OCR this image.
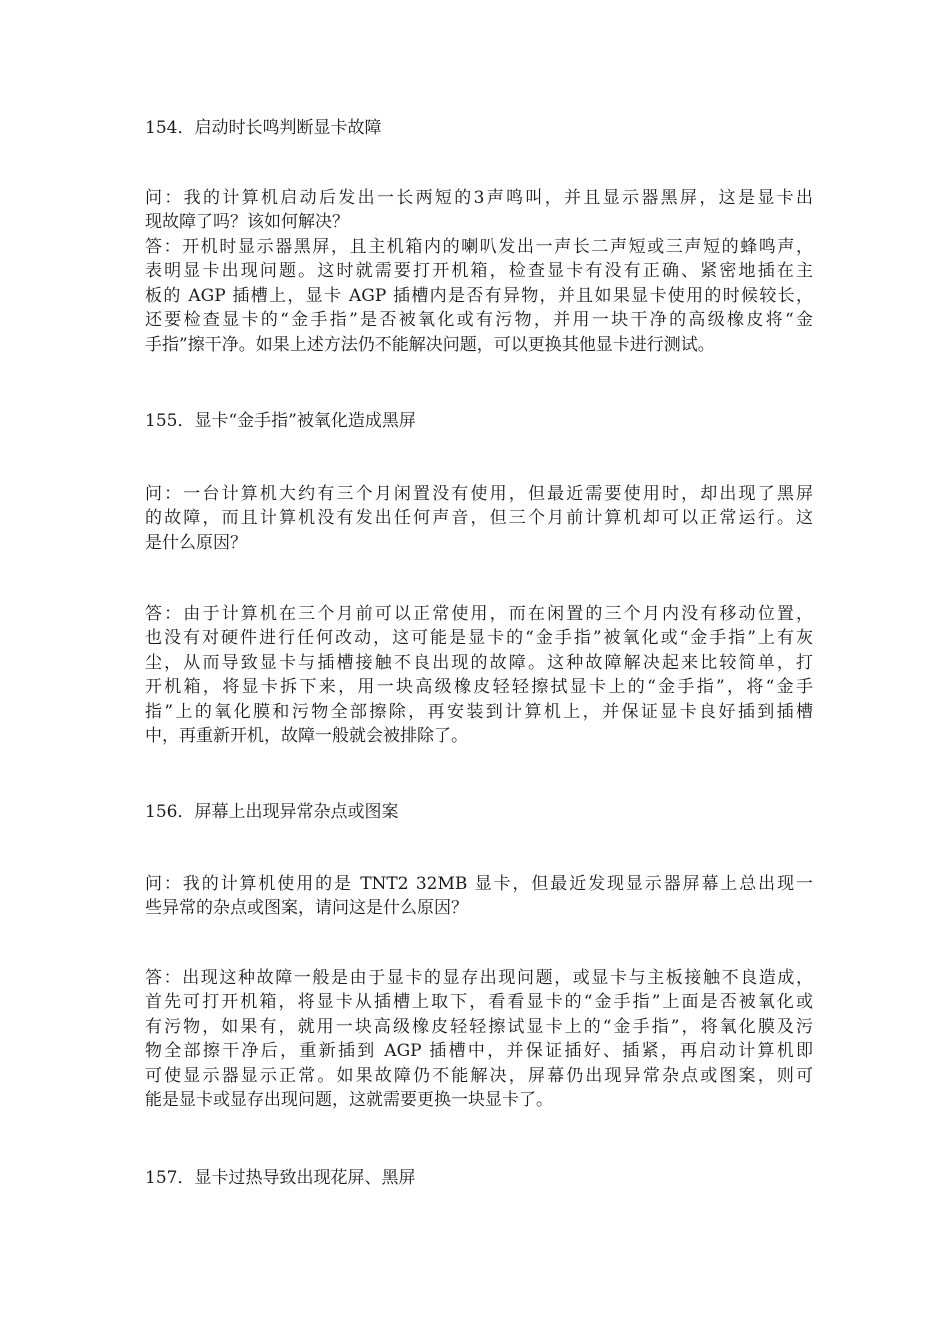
154．启动时长鸣判断显卡故障
问：我的计算机启动后发出一长两短的3声鸣叫，并且显示器黑屏，这是显卡出
现故障了吗？该如何解决？
答：开机时显示器黑屏，且主机箱内的喇叭发出一声长二声短或三声短的蜂鸣声，
表明显卡出现问题。这时就需要打开机箱，检查显卡有没有正确、紧密地插在主
板的 AGP 插槽上，显卡 AGP 插槽内是否有异物，并且如果显卡使用的时候较长，
还要检查显卡的“金手指”是否被氧化或有污物，并用一块干净的高级橡皮将“金
手指”擦干净。如果上述方法仍不能解决问题，可以更换其他显卡进行测试。
155．显卡“金手指”被氧化造成黑屏
问：一台计算机大约有三个月闲置没有使用，但最近需要使用时，却出现了黑屏
的故障，而且计算机没有发出任何声音，但三个月前计算机却可以正常运行。这
是什么原因？
答：由于计算机在三个月前可以正常使用，而在闲置的三个月内没有移动位置，
也没有对硬件进行任何改动，这可能是显卡的“金手指”被氧化或“金手指”上有灰
尘，从而导致显卡与插槽接触不良出现的故障。这种故障解决起来比较简单，打
开机箱，将显卡拆下来，用一块高级橡皮轻轻擦拭显卡上的“金手指”，将“金手
指”上的氧化膜和污物全部擦除，再安装到计算机上，并保证显卡良好插到插槽
中，再重新开机，故障一般就会被排除了。
156．屏幕上出现异常杂点或图案
问：我的计算机使用的是 TNT2 32MB 显卡，但最近发现显示器屏幕上总出现一
些异常的杂点或图案，请问这是什么原因？
答：出现这种故障一般是由于显卡的显存出现问题，或显卡与主板接触不良造成，
首先可打开机箱，将显卡从插槽上取下，看看显卡的“金手指”上面是否被氧化或
有污物，如果有，就用一块高级橡皮轻轻擦试显卡上的“金手指”，将氧化膜及污
物全部擦干净后，重新插到 AGP 插槽中，并保证插好、插紧，再启动计算机即
可使显示器显示正常。如果故障仍不能解决，屏幕仍出现异常杂点或图案，则可
能是显卡或显存出现问题，这就需要更换一块显卡了。
157．显卡过热导致出现花屏、黑屏
